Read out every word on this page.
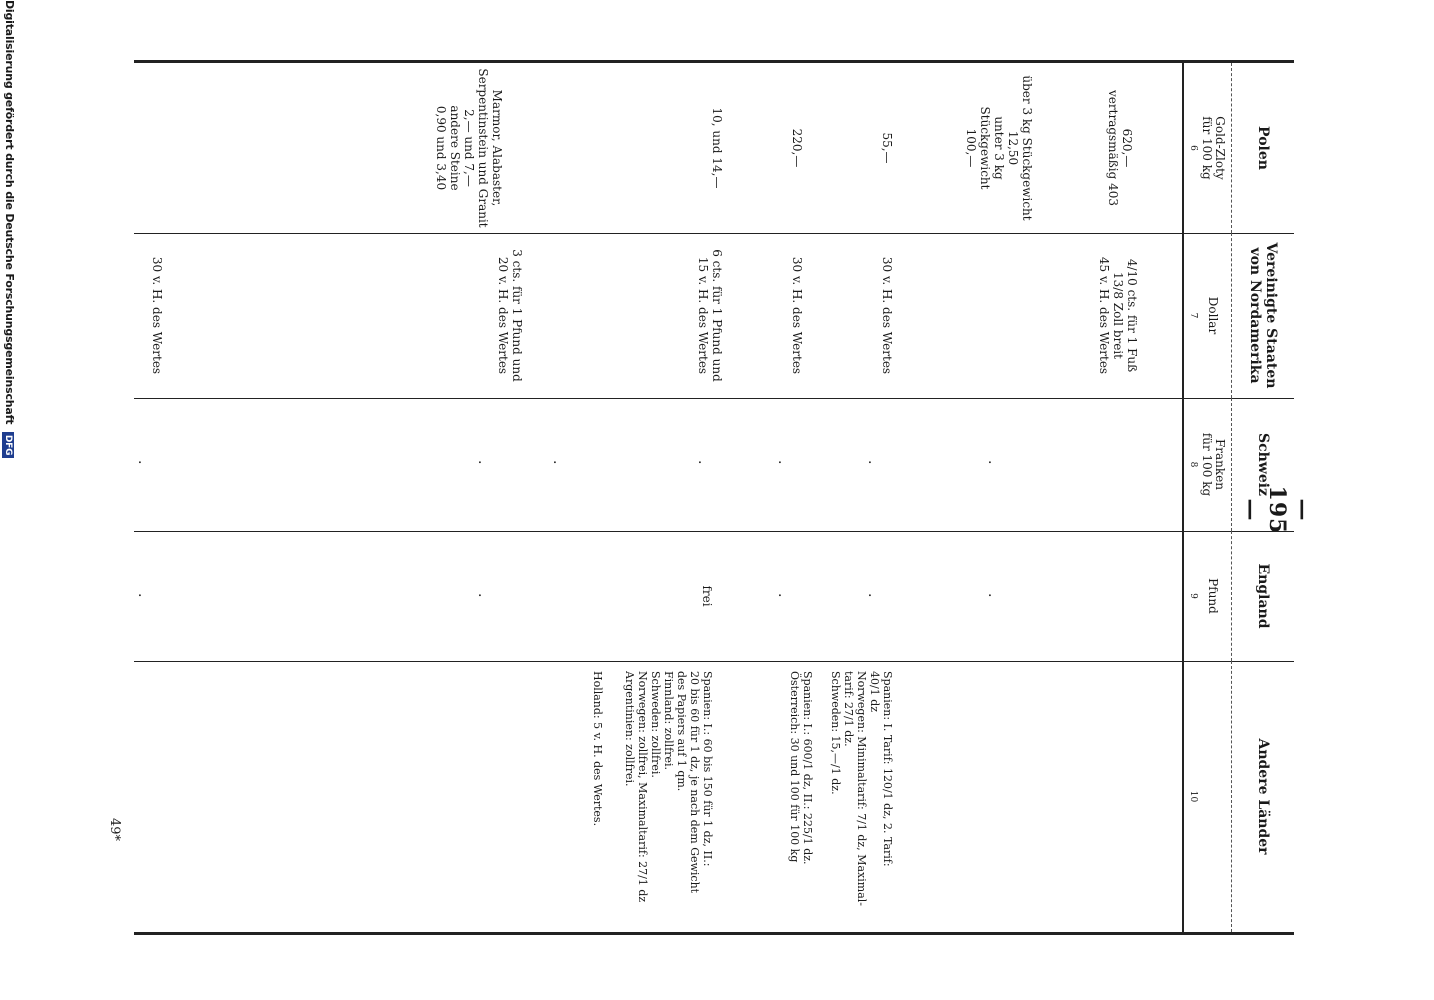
— 195 —
Polen
Gold-Zloty
für 100 kg
6
620,—
vertragsmäßig 403
über 3 kg Stückgewicht
12,50
unter 3 kg Stückgewicht
100,—
55,—
220,—
10, und 14,—
Marmor, Alabaster,
Serpentinstein und Granit
2,— und 7,—
andere Steine
0,90 und 3,40
Vereinigte Staaten
von Nordamerika
Dollar
7
4/10 cts. für 1 Fuß
13/8 Zoll breit
45 v. H. des Wertes
30 v. H. des Wertes
30 v. H. des Wertes
6 cts. für 1 Pfund und
15 v. H. des Wertes
3 cts. für 1 Pfund und
20 v. H. des Wertes
30 v. H. des Wertes
Schweiz
Franken
für 100 kg
8
·
·
·
·
·
·
·
England
Pfund
9
·
·
·
frei
·
·
Andere Länder
10
Spanien: I. Tarif: 120/1 dz, 2. Tarif:
40/1 dz
Norwegen: Minimaltarif: 7/1 dz, Maximal-
tarif: 27/1 dz.
Schweden: 15,—/1 dz.
Spanien: I.: 600/1 dz, II.: 225/1 dz.
Österreich: 30 und 100 für 100 kg
Spanien: I.: 60 bis 150 für 1 dz, II.:
20 bis 60 für 1 dz, je nach dem Gewicht
des Papiers auf 1 qm.
Finnland: zollfrei.
Schweden: zollfrei.
Norwegen: zollfrei, Maximaltarif: 27/1 dz
Argentinien: zollfrei.
Holland: 5 v. H. des Wertes.
49*
Digitalisierung gefördert durch die Deutsche Forschungsgemeinschaft DFG
